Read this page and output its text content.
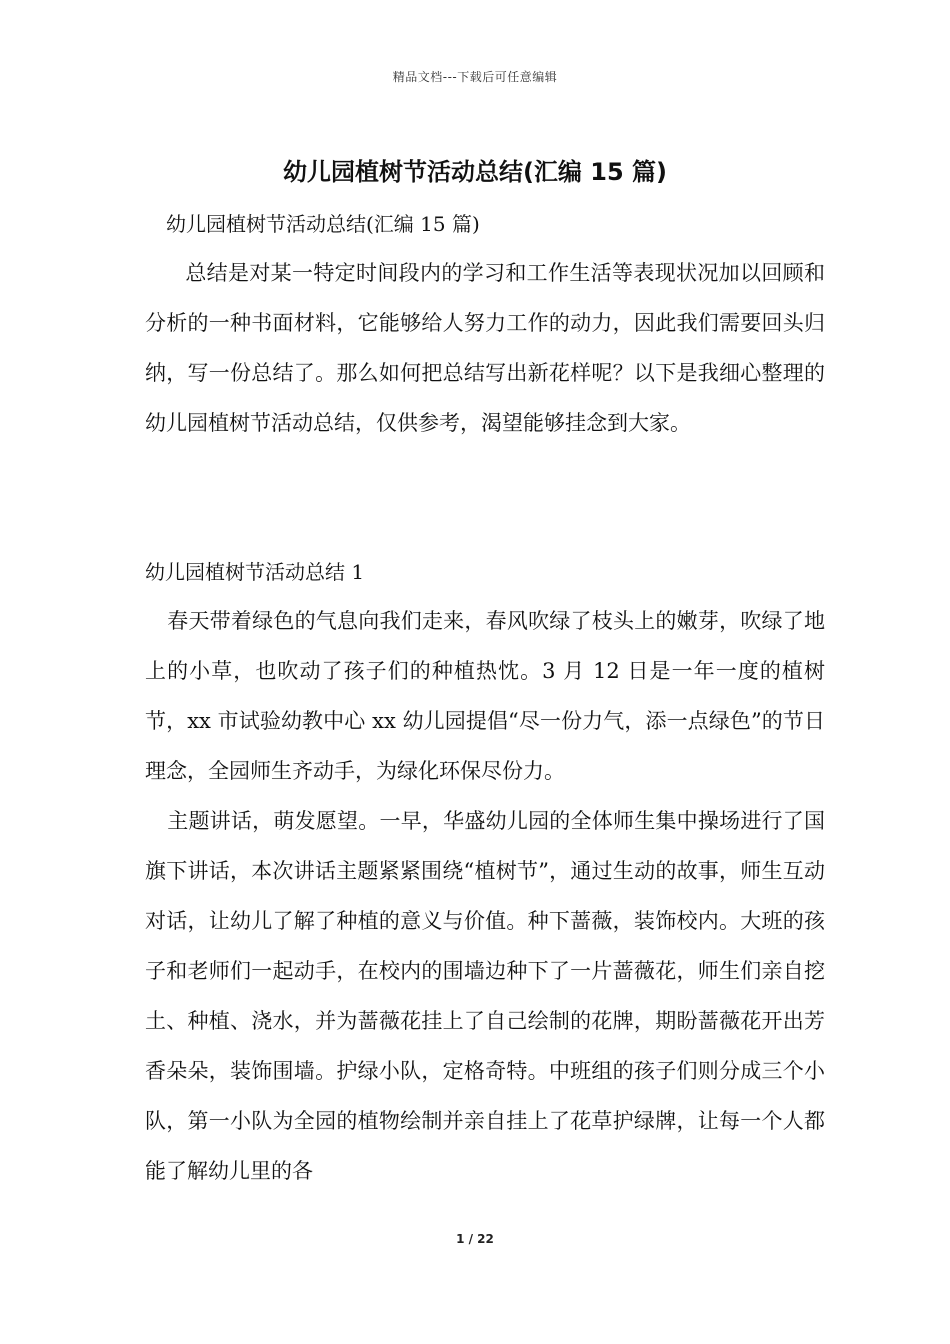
精品文档---下载后可任意编辑
幼儿园植树节活动总结(汇编 15 篇)

幼儿园植树节活动总结(汇编 15 篇)

总结是对某一特定时间段内的学习和工作生活等表现状况加以回顾和分析的一种书面材料，它能够给人努力工作的动力，因此我们需要回头归纳，写一份总结了。那么如何把总结写出新花样呢？以下是我细心整理的幼儿园植树节活动总结，仅供参考，渴望能够挂念到大家。

幼儿园植树节活动总结 1

春天带着绿色的气息向我们走来，春风吹绿了枝头上的嫩芽，吹绿了地上的小草，也吹动了孩子们的种植热忱。3 月 12 日是一年一度的植树节，xx 市试验幼教中心 xx 幼儿园提倡“尽一份力气，添一点绿色”的节日理念，全园师生齐动手，为绿化环保尽份力。

主题讲话，萌发愿望。一早，华盛幼儿园的全体师生集中操场进行了国旗下讲话，本次讲话主题紧紧围绕“植树节”，通过生动的故事，师生互动对话，让幼儿了解了种植的意义与价值。种下蔷薇，装饰校内。大班的孩子和老师们一起动手，在校内的围墙边种下了一片蔷薇花，师生们亲自挖土、种植、浇水，并为蔷薇花挂上了自己绘制的花牌，期盼蔷薇花开出芳香朵朵，装饰围墙。护绿小队，定格奇特。中班组的孩子们则分成三个小队，第一小队为全园的植物绘制并亲自挂上了花草护绿牌，让每一个人都能了解幼儿里的各

1 / 22
